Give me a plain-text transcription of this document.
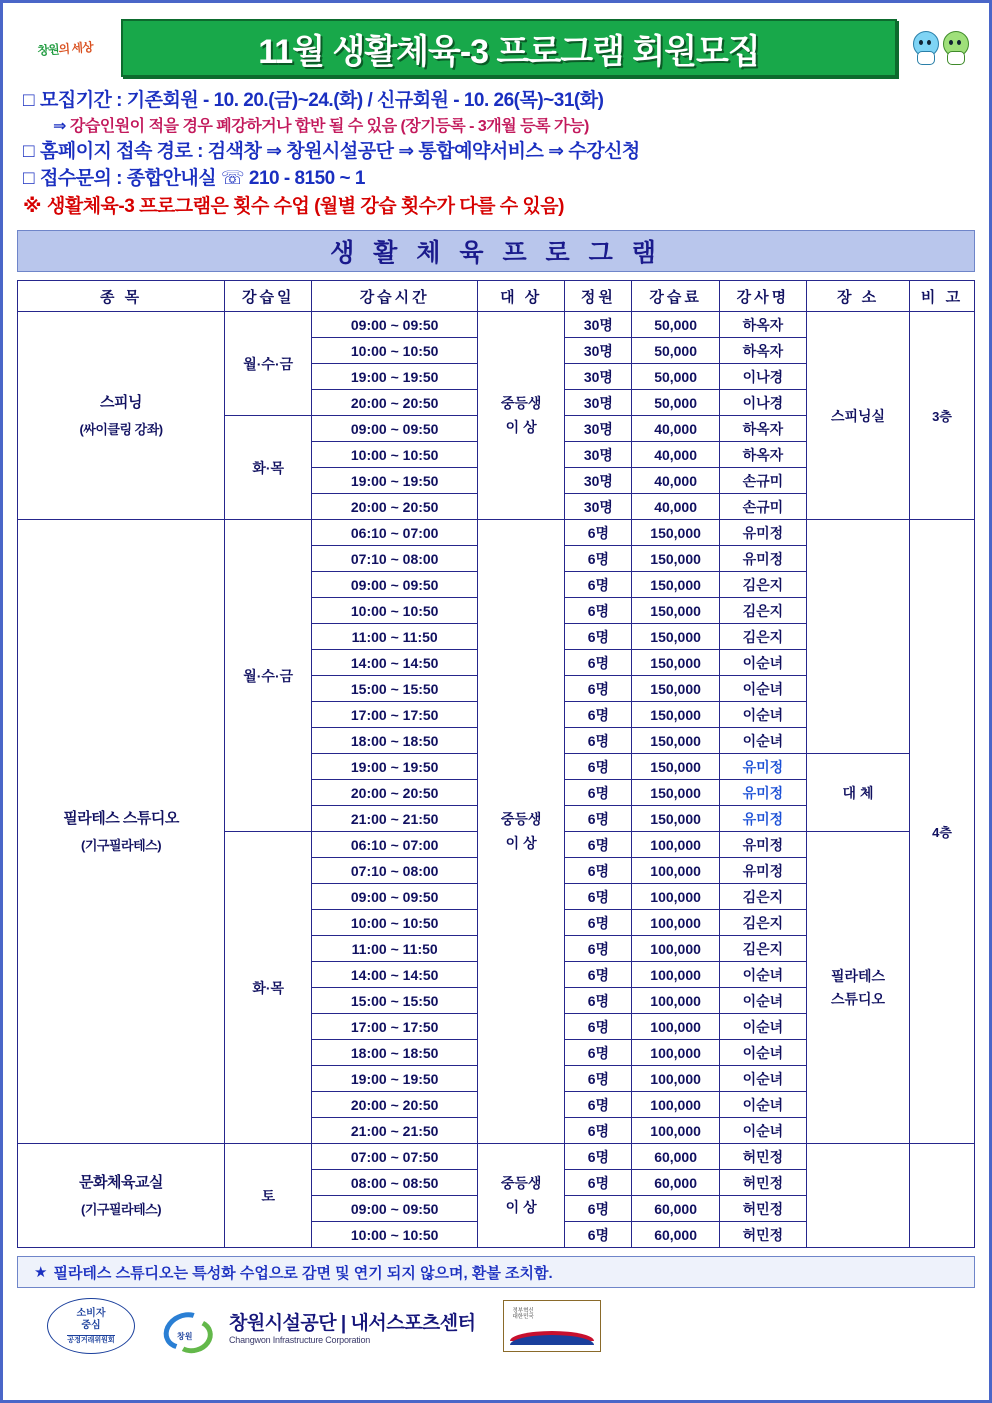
창원 의 세상	11월 생활체육-3 프로그램 회원모집
□ 모집기간 : 기존회원 - 10. 20.(금)~24.(화) / 신규회원 - 10. 26(목)~31(화)
⇒ 강습인원이 적을 경우 폐강하거나 합반 될 수 있음 (장기등록 - 3개월 등록 가능)
□ 홈페이지 접속 경로 : 검색창 ⇒ 창원시설공단 ⇒ 통합예약서비스 ⇒ 수강신청
□ 접수문의 : 종합안내실 ☏ 210 - 8150 ~ 1
※ 생활체육-3 프로그램은 횟수 수업 (월별 강습 횟수가 다를 수 있음)
생 활 체 육 프 로 그 램
종 목	강습일	강습시간	대 상	정원	강습료	강사명	장 소	비 고

스피닝
(싸이클링 강좌)
	월·수·금	09:00 ~ 09:50	중등생
이 상	30명	50,000	하옥자	스피닝실	3층
		10:00 ~ 10:50		30명	50,000	하옥자		
		19:00 ~ 19:50		30명	50,000	이나경		
		20:00 ~ 20:50		30명	50,000	이나경		
	화·목	09:00 ~ 09:50		30명	40,000	하옥자		
		10:00 ~ 10:50		30명	40,000	하옥자		
		19:00 ~ 19:50		30명	40,000	손규미		
		20:00 ~ 20:50		30명	40,000	손규미		

필라테스 스튜디오
(기구필라테스)
	월·수·금	06:10 ~ 07:00	중등생
이 상	6명	150,000	유미정		4층
		07:10 ~ 08:00		6명	150,000	유미정		
		09:00 ~ 09:50		6명	150,000	김은지		
		10:00 ~ 10:50		6명	150,000	김은지		
		11:00 ~ 11:50		6명	150,000	김은지		
		14:00 ~ 14:50		6명	150,000	이순녀		
		15:00 ~ 15:50		6명	150,000	이순녀		
		17:00 ~ 17:50		6명	150,000	이순녀		
		18:00 ~ 18:50		6명	150,000	이순녀		
		19:00 ~ 19:50		6명	150,000	유미정	대 체	
		20:00 ~ 20:50		6명	150,000	유미정		
		21:00 ~ 21:50		6명	150,000	유미정		
	화·목	06:10 ~ 07:00		6명	100,000	유미정	필라테스
스튜디오	
		07:10 ~ 08:00		6명	100,000	유미정		
		09:00 ~ 09:50		6명	100,000	김은지		
		10:00 ~ 10:50		6명	100,000	김은지		
		11:00 ~ 11:50		6명	100,000	김은지		
		14:00 ~ 14:50		6명	100,000	이순녀		
		15:00 ~ 15:50		6명	100,000	이순녀		
		17:00 ~ 17:50		6명	100,000	이순녀		
		18:00 ~ 18:50		6명	100,000	이순녀		
		19:00 ~ 19:50		6명	100,000	이순녀		
		20:00 ~ 20:50		6명	100,000	이순녀		
		21:00 ~ 21:50		6명	100,000	이순녀		

문화체육교실
(기구필라테스)
	토	07:00 ~ 07:50	중등생
이 상	6명	60,000	허민정		
		08:00 ~ 08:50		6명	60,000	허민정		
		09:00 ~ 09:50		6명	60,000	허민정		
		10:00 ~ 10:50		6명	60,000	허민정		
★ 필라테스 스튜디오는 특성화 수업으로 감면 및 연기 되지 않으며, 환불 조치함.
소비자
중심
공정거래위원회	창원
창원시설공단 | 내서스포츠센터
Changwon Infrastructure Corporation
정부혁신
대한민국
